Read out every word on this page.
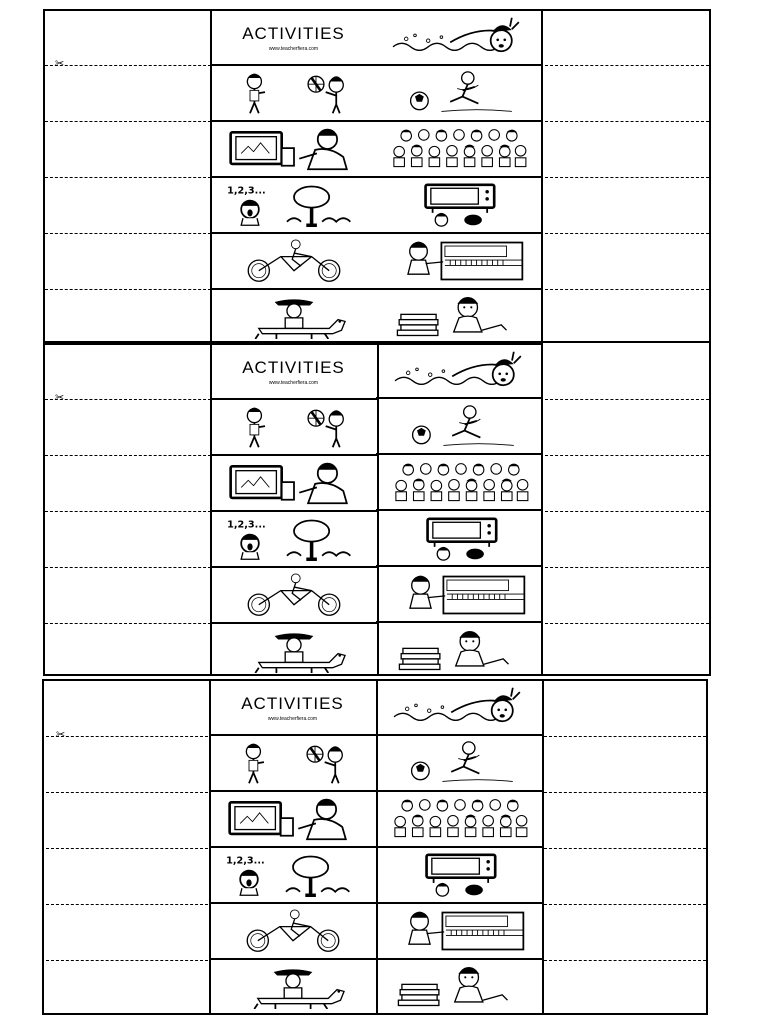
ACTIVITIES
www.teacherfiera.com
✂
ACTIVITIES
www.teacherfiera.com
✂
ACTIVITIES
www.teacherfiera.com
✂
